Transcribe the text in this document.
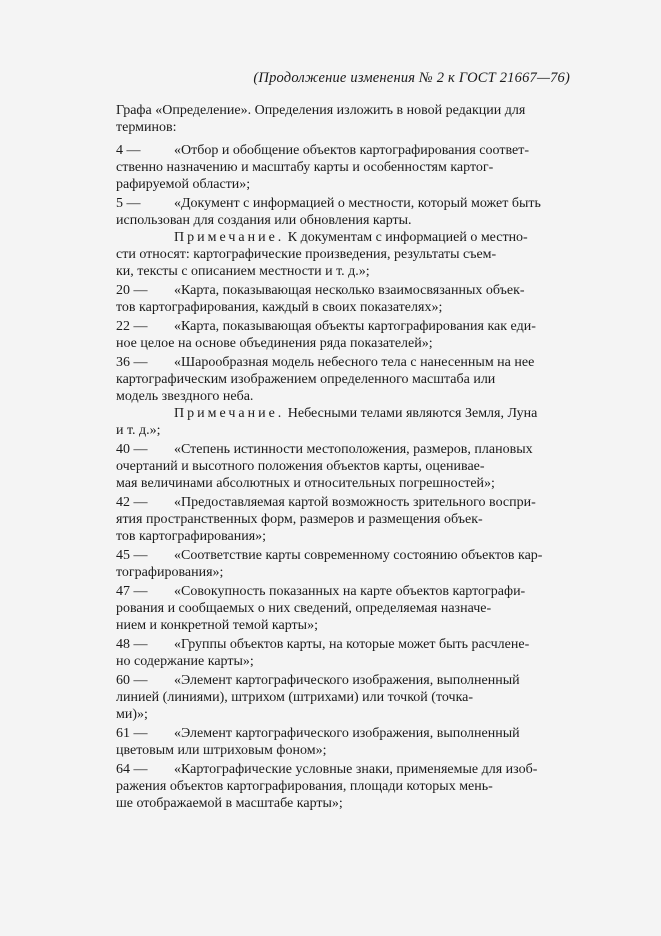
(Продолжение изменения № 2 к ГОСТ 21667—76)
Графа «Определение». Определения изложить в новой редакции для
терминов:
4 —	«Отбор и обобщение объектов картографирования соответ-
ственно назначению и масштабу карты и особенностям картог-
рафируемой области»;
5 —	«Документ с информацией о местности, который может быть
использован для создания или обновления карты.
Примечание. К документам с информацией о местно-
сти относят: картографические произведения, результаты съем-
ки, тексты с описанием местности и т. д.»;
20 —	«Карта, показывающая несколько взаимосвязанных объек-
тов картографирования, каждый в своих показателях»;
22 —	«Карта, показывающая объекты картографирования как еди-
ное целое на основе объединения ряда показателей»;
36 —	«Шарообразная модель небесного тела с нанесенным на нее
картографическим изображением определенного масштаба или
модель звездного неба.
Примечание. Небесными телами являются Земля, Луна
и т. д.»;
40 —	«Степень истинности местоположения, размеров, плановых
очертаний и высотного положения объектов карты, оценивае-
мая величинами абсолютных и относительных погрешностей»;
42 —	«Предоставляемая картой возможность зрительного воспри-
ятия пространственных форм, размеров и размещения объек-
тов картографирования»;
45 —	«Соответствие карты современному состоянию объектов кар-
тографирования»;
47 —	«Совокупность показанных на карте объектов картографи-
рования и сообщаемых о них сведений, определяемая назначе-
нием и конкретной темой карты»;
48 —	«Группы объектов карты, на которые может быть расчлене-
но содержание карты»;
60 —	«Элемент картографического изображения, выполненный
линией (линиями), штрихом (штрихами) или точкой (точка-
ми)»;
61 —	«Элемент картографического изображения, выполненный
цветовым или штриховым фоном»;
64 —	«Картографические условные знаки, применяемые для изоб-
ражения объектов картографирования, площади которых мень-
ше отображаемой в масштабе карты»;
